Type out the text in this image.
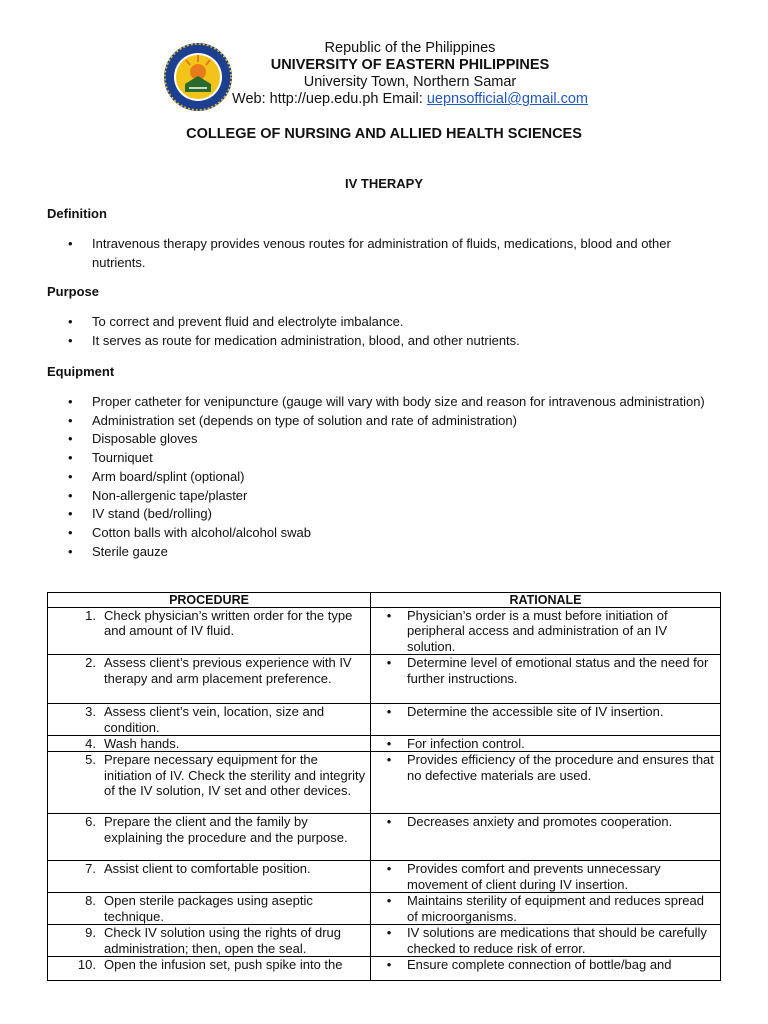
Republic of the Philippines
UNIVERSITY OF EASTERN PHILIPPINES
University Town, Northern Samar
Web: http://uep.edu.ph Email: uepnsofficial@gmail.com
COLLEGE OF NURSING AND ALLIED HEALTH SCIENCES
IV THERAPY
Definition
• Intravenous therapy provides venous routes for administration of fluids, medications, blood and other nutrients.
Purpose
• To correct and prevent fluid and electrolyte imbalance.
• It serves as route for medication administration, blood, and other nutrients.
Equipment
• Proper catheter for venipuncture (gauge will vary with body size and reason for intravenous administration)
• Administration set (depends on type of solution and rate of administration)
• Disposable gloves
• Tourniquet
• Arm board/splint (optional)
• Non-allergenic tape/plaster
• IV stand (bed/rolling)
• Cotton balls with alcohol/alcohol swab
• Sterile gauze
PROCEDURE	RATIONALE

1. Check physician’s written order for the type and amount of IV fluid.	• Physician’s order is a must before initiation of peripheral access and administration of an IV solution.

2. Assess client’s previous experience with IV therapy and arm placement preference.	• Determine level of emotional status and the need for further instructions.

3. Assess client’s vein, location, size and condition.	• Determine the accessible site of IV insertion.

4. Wash hands.	• For infection control.

5. Prepare necessary equipment for the initiation of IV. Check the sterility and integrity of the IV solution, IV set and other devices.	• Provides efficiency of the procedure and ensures that no defective materials are used.

6. Prepare the client and the family by explaining the procedure and the purpose.	• Decreases anxiety and promotes cooperation.

7. Assist client to comfortable position.	• Provides comfort and prevents unnecessary movement of client during IV insertion.

8. Open sterile packages using aseptic technique.	• Maintains sterility of equipment and reduces spread of microorganisms.

9. Check IV solution using the rights of drug administration; then, open the seal.	• IV solutions are medications that should be carefully checked to reduce risk of error.

10. Open the infusion set, push spike into the	• Ensure complete connection of bottle/bag and
